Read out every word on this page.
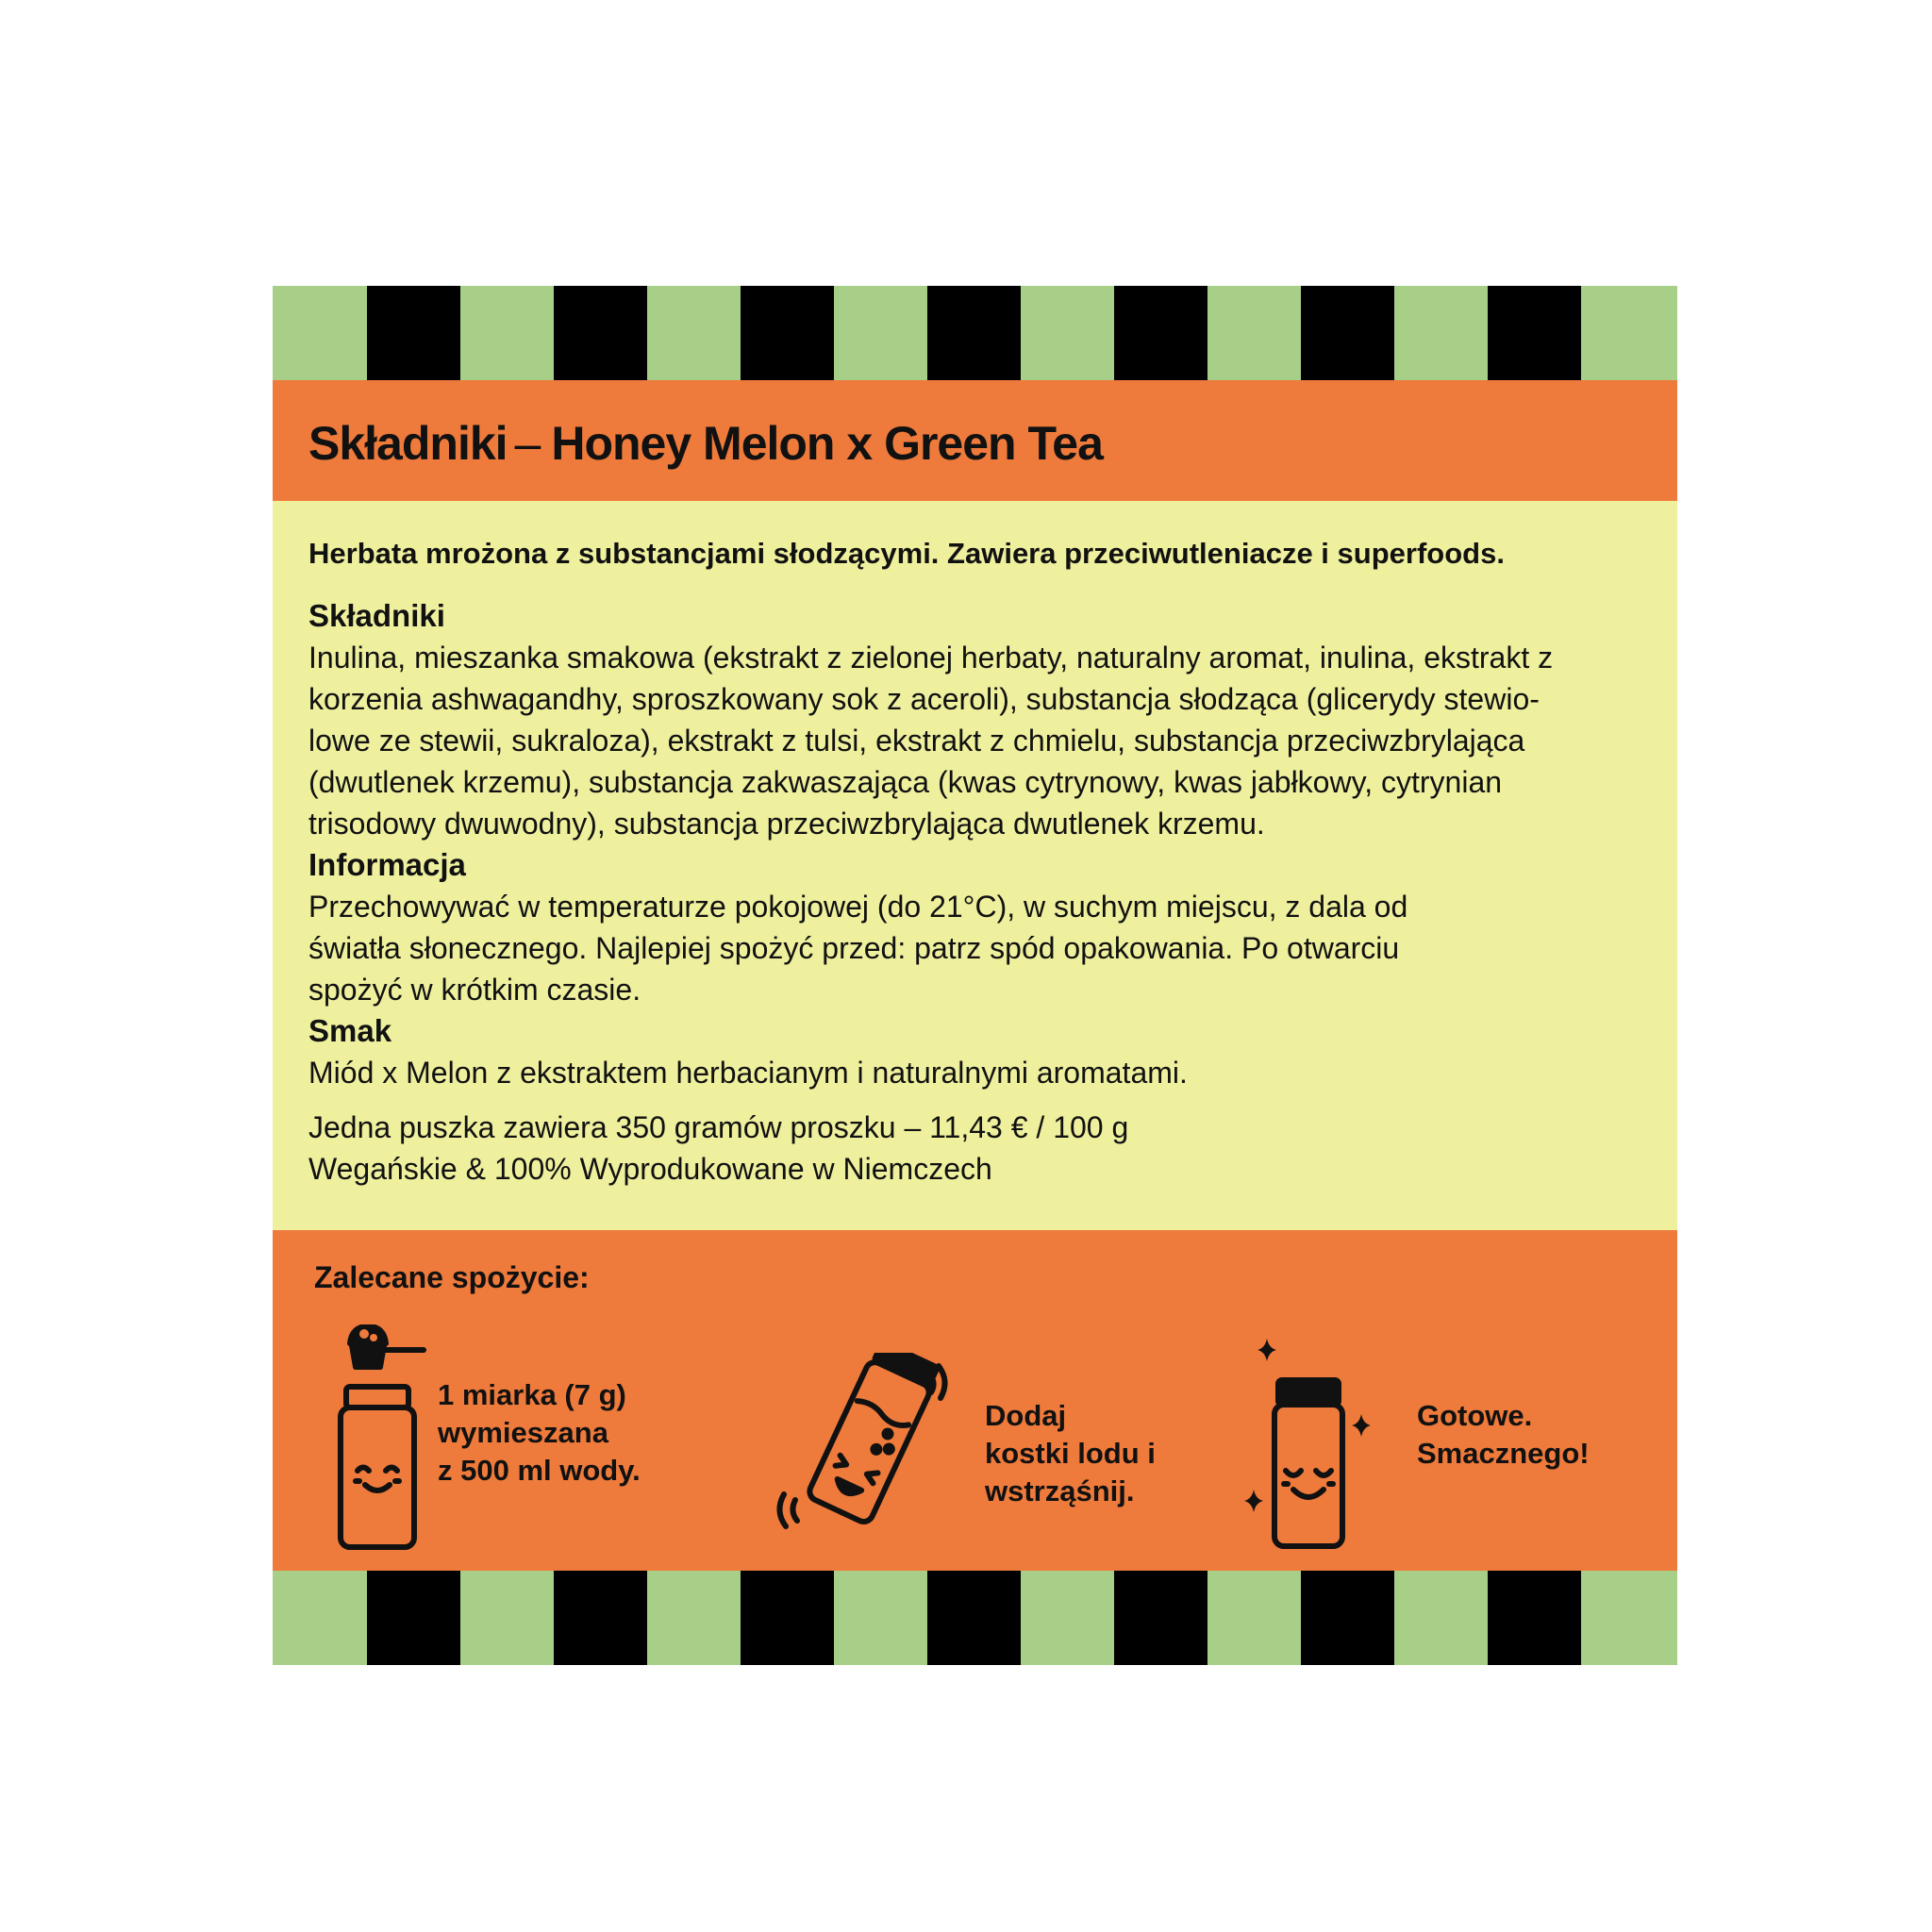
Składniki – Honey Melon x Green Tea
Herbata mrożona z substancjami słodzącymi. Zawiera przeciwutleniacze i superfoods.
Składniki

Inulina, mieszanka smakowa (ekstrakt z zielonej herbaty, naturalny aromat, inulina, ekstrakt z

korzenia ashwagandhy, sproszkowany sok z aceroli), substancja słodząca (glicerydy stewio-

lowe ze stewii, sukraloza), ekstrakt z tulsi, ekstrakt z chmielu, substancja przeciwzbrylająca

(dwutlenek krzemu), substancja zakwaszająca (kwas cytrynowy, kwas jabłkowy, cytrynian

trisodowy dwuwodny), substancja przeciwzbrylająca dwutlenek krzemu.

Informacja

Przechowywać w temperaturze pokojowej (do 21°C), w suchym miejscu, z dala od

światła słonecznego. Najlepiej spożyć przed: patrz spód opakowania. Po otwarciu

spożyć w krótkim czasie.

Smak

Miód x Melon z ekstraktem herbacianym i naturalnymi aromatami.

Jedna puszka zawiera 350 gramów proszku – 11,43 € / 100 g

Wegańskie & 100% Wyprodukowane w Niemczech

Zalecane spożycie:
1 miarka (7 g)
wymieszana
z 500 ml wody.
Dodaj
kostki lodu i
wstrząśnij.
Gotowe.
Smacznego!
